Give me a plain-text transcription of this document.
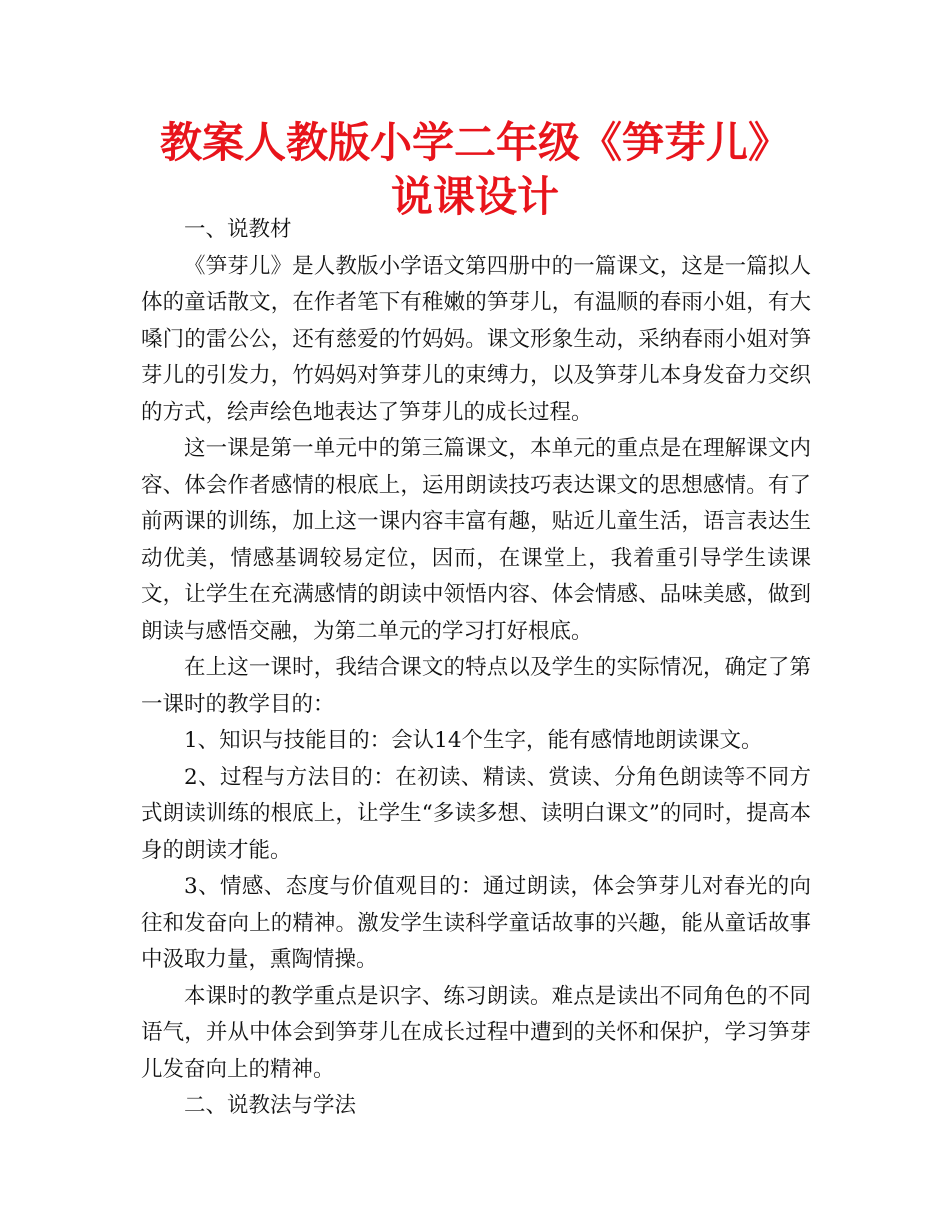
教案人教版小学二年级《笋芽儿》说课设计

一、说教材

《笋芽儿》是人教版小学语文第四册中的一篇课文，这是一篇拟人体的童话散文，在作者笔下有稚嫩的笋芽儿，有温顺的春雨小姐，有大嗓门的雷公公，还有慈爱的竹妈妈。课文形象生动，采纳春雨小姐对笋芽儿的引发力，竹妈妈对笋芽儿的束缚力，以及笋芽儿本身发奋力交织的方式，绘声绘色地表达了笋芽儿的成长过程。

这一课是第一单元中的第三篇课文，本单元的重点是在理解课文内容、体会作者感情的根底上，运用朗读技巧表达课文的思想感情。有了前两课的训练，加上这一课内容丰富有趣，贴近儿童生活，语言表达生动优美，情感基调较易定位，因而，在课堂上，我着重引导学生读课文，让学生在充满感情的朗读中领悟内容、体会情感、品味美感，做到朗读与感悟交融，为第二单元的学习打好根底。

在上这一课时，我结合课文的特点以及学生的实际情况，确定了第一课时的教学目的：

1、知识与技能目的：会认14个生字，能有感情地朗读课文。

2、过程与方法目的：在初读、精读、赏读、分角色朗读等不同方式朗读训练的根底上，让学生“多读多想、读明白课文”的同时，提高本身的朗读才能。

3、情感、态度与价值观目的：通过朗读，体会笋芽儿对春光的向往和发奋向上的精神。激发学生读科学童话故事的兴趣，能从童话故事中汲取力量，熏陶情操。

本课时的教学重点是识字、练习朗读。难点是读出不同角色的不同语气，并从中体会到笋芽儿在成长过程中遭到的关怀和保护，学习笋芽儿发奋向上的精神。

二、说教法与学法
